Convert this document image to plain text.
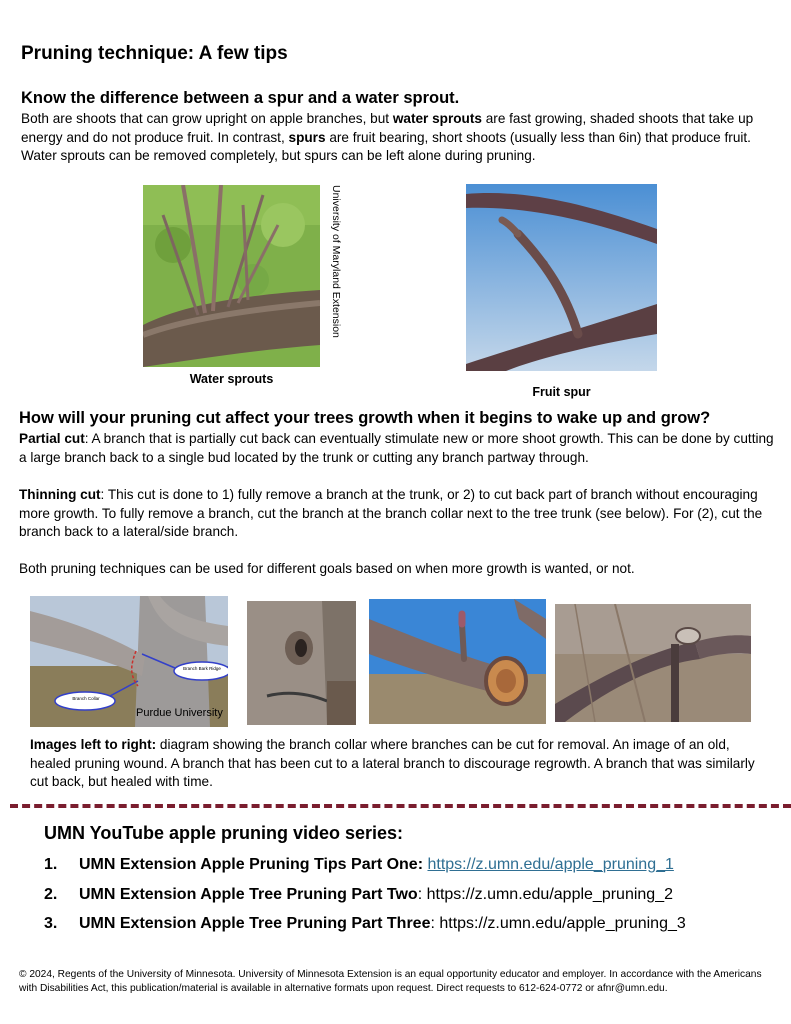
Pruning technique: A few tips
Know the difference between a spur and a water sprout.

Both are shoots that can grow upright on apple branches, but water sprouts are fast growing, shaded shoots that take up energy and do not produce fruit. In contrast, spurs are fruit bearing, short shoots (usually less than 6in) that produce fruit. Water sprouts can be removed completely, but spurs can be left alone during pruning.

University of Maryland Extension
Water sprouts
Fruit spur
How will your pruning cut affect your trees growth when it begins to wake up and grow?

Partial cut: A branch that is partially cut back can eventually stimulate new or more shoot growth. This can be done by cutting a large branch back to a single bud located by the trunk or cutting any branch partway through.

Thinning cut: This cut is done to 1) fully remove a branch at the trunk, or 2) to cut back part of branch without encouraging more growth. To fully remove a branch, cut the branch at the branch collar next to the tree trunk (see below). For (2), cut the branch back to a lateral/side branch.

Both pruning techniques can be used for different goals based on when more growth is wanted, or not.

Branch Collar
Branch Bark Ridge
Purdue University

Images left to right: diagram showing the branch collar where branches can be cut for removal. An image of an old, healed pruning wound. A branch that has been cut to a lateral branch to discourage regrowth. A branch that was similarly cut back, but healed with time.

UMN YouTube apple pruning video series:

1. UMN Extension Apple Pruning Tips Part One: https://z.umn.edu/apple_pruning_1

2. UMN Extension Apple Tree Pruning Part Two: https://z.umn.edu/apple_pruning_2

3. UMN Extension Apple Tree Pruning Part Three: https://z.umn.edu/apple_pruning_3

© 2024, Regents of the University of Minnesota. University of Minnesota Extension is an equal opportunity educator and employer. In accordance with the Americans with Disabilities Act, this publication/material is available in alternative formats upon request. Direct requests to 612-624-0772 or afnr@umn.edu.
